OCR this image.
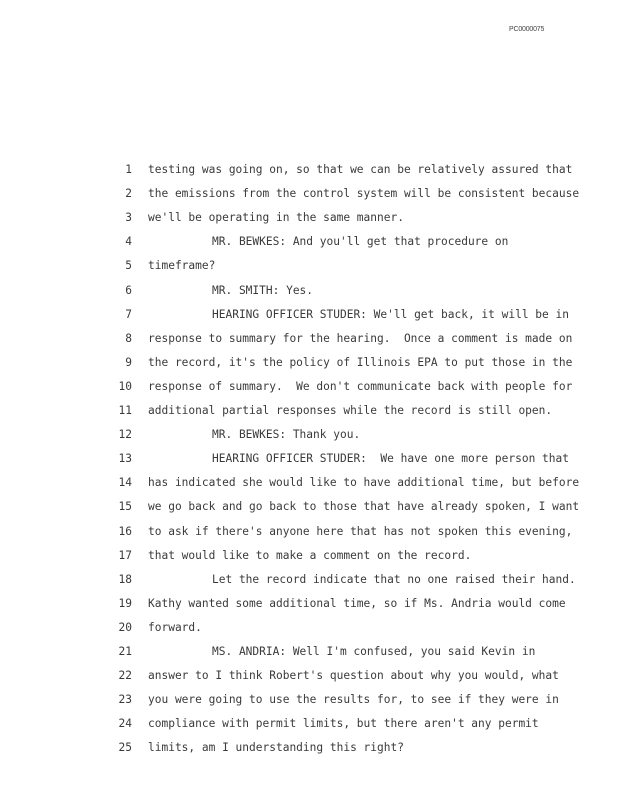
PC0000075
1 testing was going on, so that we can be relatively assured that
2 the emissions from the control system will be consistent because
3 we'll be operating in the same manner.
4	MR. BEWKES: And you'll get that procedure on
5 timeframe?
6	MR. SMITH: Yes.
7	HEARING OFFICER STUDER: We'll get back, it will be in
8 response to summary for the hearing.  Once a comment is made on
9 the record, it's the policy of Illinois EPA to put those in the
10 response of summary.  We don't communicate back with people for
11 additional partial responses while the record is still open.
12	MR. BEWKES: Thank you.
13	HEARING OFFICER STUDER:  We have one more person that
14 has indicated she would like to have additional time, but before
15 we go back and go back to those that have already spoken, I want
16 to ask if there's anyone here that has not spoken this evening,
17 that would like to make a comment on the record.
18	Let the record indicate that no one raised their hand.
19 Kathy wanted some additional time, so if Ms. Andria would come
20 forward.
21	MS. ANDRIA: Well I'm confused, you said Kevin in
22 answer to I think Robert's question about why you would, what
23 you were going to use the results for, to see if they were in
24 compliance with permit limits, but there aren't any permit
25 limits, am I understanding this right?
